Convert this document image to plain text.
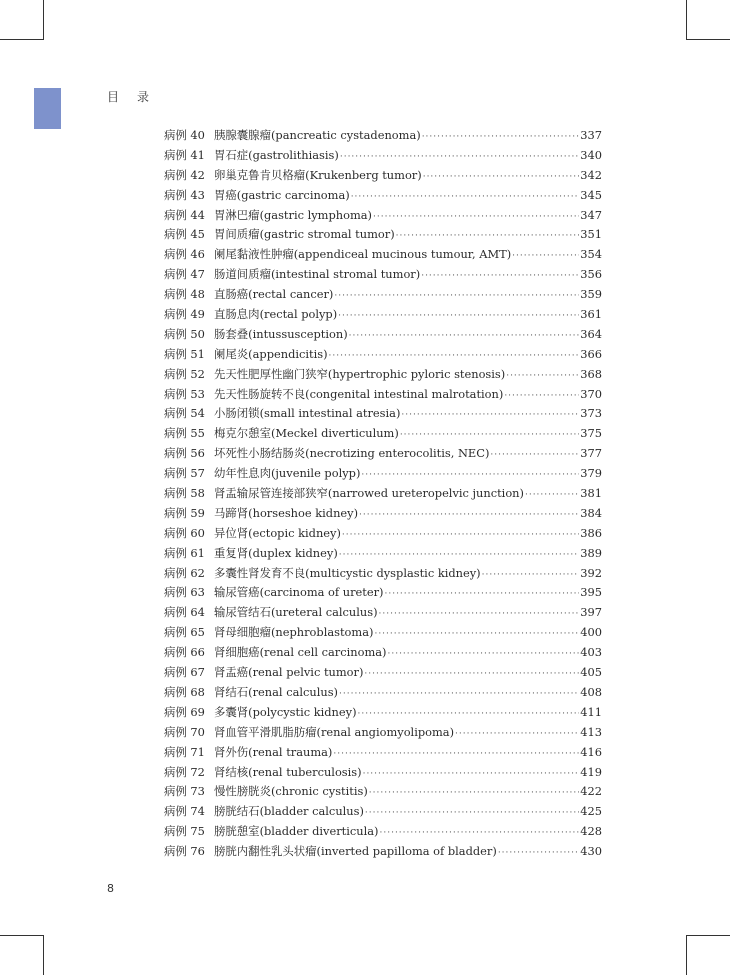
目录
病例 40 胰腺囊腺瘤(pancreatic cystadenoma) ·····	337
病例 41 胃石症(gastrolithiasis) ·····	340
病例 42 卵巢克鲁肯贝格瘤(Krukenberg tumor) ·····	342
病例 43 胃癌(gastric carcinoma) ·····	345
病例 44 胃淋巴瘤(gastric lymphoma) ·····	347
病例 45 胃间质瘤(gastric stromal tumor) ·····	351
病例 46 阑尾黏液性肿瘤(appendiceal mucinous tumour, AMT) ·····	354
病例 47 肠道间质瘤(intestinal stromal tumor) ·····	356
病例 48 直肠癌(rectal cancer) ·····	359
病例 49 直肠息肉(rectal polyp) ·····	361
病例 50 肠套叠(intussusception) ·····	364
病例 51 阑尾炎(appendicitis) ·····	366
病例 52 先天性肥厚性幽门狭窄(hypertrophic pyloric stenosis) ·····	368
病例 53 先天性肠旋转不良(congenital intestinal malrotation) ·····	370
病例 54 小肠闭锁(small intestinal atresia) ·····	373
病例 55 梅克尔憩室(Meckel diverticulum) ·····	375
病例 56 坏死性小肠结肠炎(necrotizing enterocolitis, NEC) ·····	377
病例 57 幼年性息肉(juvenile polyp) ·····	379
病例 58 肾盂输尿管连接部狭窄(narrowed ureteropelvic junction) ·····	381
病例 59 马蹄肾(horseshoe kidney) ·····	384
病例 60 异位肾(ectopic kidney) ·····	386
病例 61 重复肾(duplex kidney) ·····	389
病例 62 多囊性肾发育不良(multicystic dysplastic kidney) ·····	392
病例 63 输尿管癌(carcinoma of ureter) ·····	395
病例 64 输尿管结石(ureteral calculus) ·····	397
病例 65 肾母细胞瘤(nephroblastoma) ·····	400
病例 66 肾细胞癌(renal cell carcinoma) ·····	403
病例 67 肾盂癌(renal pelvic tumor) ·····	405
病例 68 肾结石(renal calculus) ·····	408
病例 69 多囊肾(polycystic kidney) ·····	411
病例 70 肾血管平滑肌脂肪瘤(renal angiomyolipoma) ·····	413
病例 71 肾外伤(renal trauma) ·····	416
病例 72 肾结核(renal tuberculosis) ·····	419
病例 73 慢性膀胱炎(chronic cystitis) ·····	422
病例 74 膀胱结石(bladder calculus) ·····	425
病例 75 膀胱憩室(bladder diverticula) ·····	428
病例 76 膀胱内翻性乳头状瘤(inverted papilloma of bladder) ·····	430
8
